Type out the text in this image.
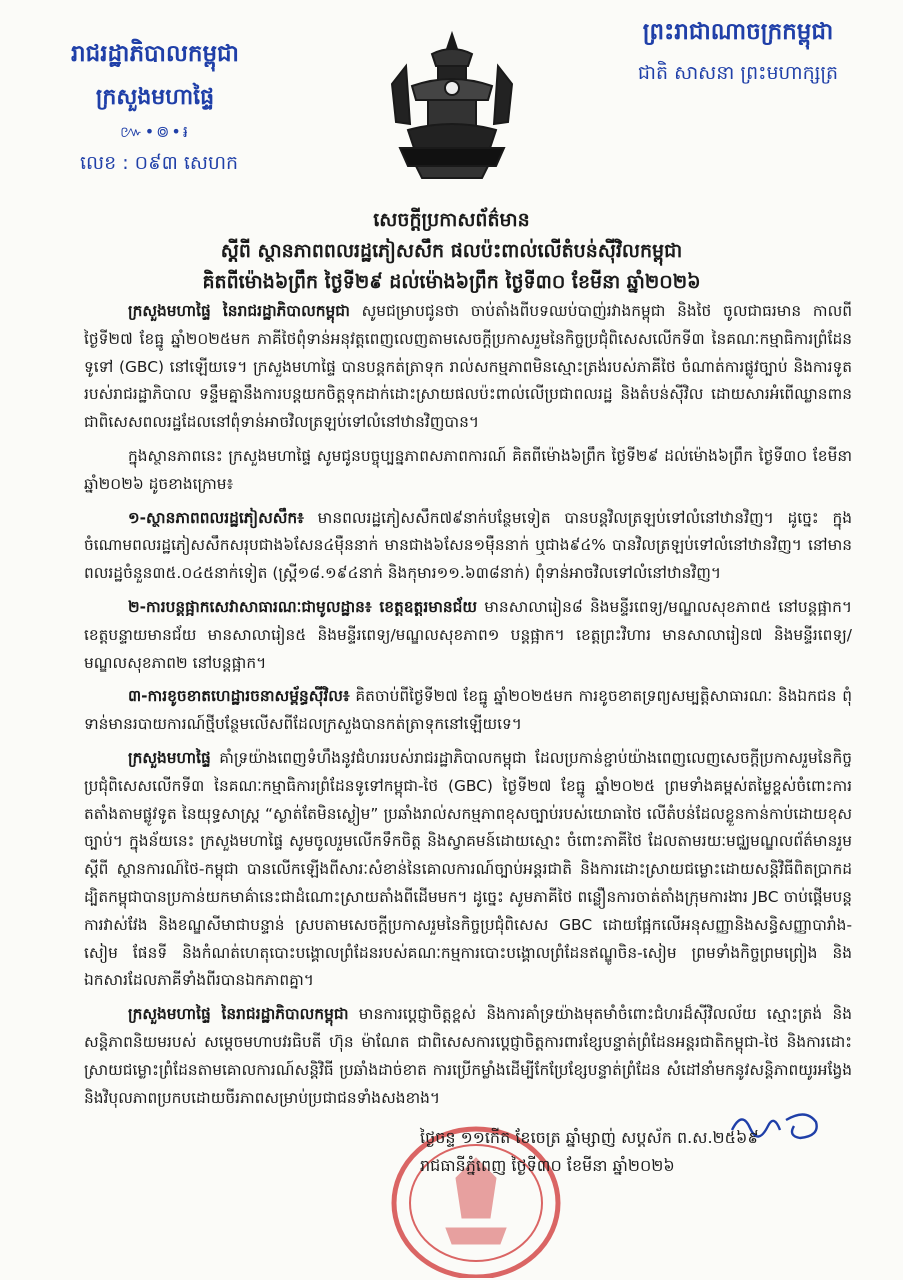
រាជរដ្ឋាភិបាលកម្ពុជា
ក្រសួងមហាផ្ទៃ
៚•៙•៛
លេខ : ០៩៣ សេហក
ព្រះរាជាណាចក្រកម្ពុជា
ជាតិ សាសនា ព្រះមហាក្សត្រ
សេចក្តីប្រកាសព័ត៌មាន
ស្តីពី ស្ថានភាពពលរដ្ឋភៀសសឹក ផលប៉ះពាល់លើតំបន់ស៊ីវិលកម្ពុជា
គិតពីម៉ោង៦ព្រឹក ថ្ងៃទី២៩ ដល់ម៉ោង៦ព្រឹក ថ្ងៃទី៣០ ខែមីនា ឆ្នាំ២០២៦

ក្រសួងមហាផ្ទៃ នៃរាជរដ្ឋាភិបាលកម្ពុជា សូមជម្រាបជូនថា ចាប់តាំងពីបទឈប់បាញ់រវាងកម្ពុជា និងថៃ ចូលជាធរមាន កាលពីថ្ងៃទី២៧ ខែធ្នូ ឆ្នាំ២០២៥មក ភាគីថៃពុំទាន់អនុវត្តពេញលេញតាមសេចក្តីប្រកាសរួមនៃកិច្ចប្រជុំពិសេសលើកទី៣ នៃគណៈកម្មាធិការព្រំដែនទូទៅ (GBC) នៅឡើយទេ។ ក្រសួងមហាផ្ទៃ បានបន្តកត់ត្រាទុក រាល់សកម្មភាពមិនស្មោះត្រង់របស់ភាគីថៃ ចំណាត់ការផ្លូវច្បាប់ និងការទូតរបស់រាជរដ្ឋាភិបាល ទន្ទឹមគ្នានឹងការបន្តយកចិត្តទុកដាក់ដោះស្រាយផលប៉ះពាល់លើប្រជាពលរដ្ឋ និងតំបន់ស៊ីវិល ដោយសារអំពើឈ្លានពាន ជាពិសេសពលរដ្ឋដែលនៅពុំទាន់អាចវិលត្រឡប់ទៅលំនៅឋានវិញបាន។

ក្នុងស្ថានភាពនេះ ក្រសួងមហាផ្ទៃ សូមជូនបច្ចុប្បន្នភាពសភាពការណ៍ គិតពីម៉ោង៦ព្រឹក ថ្ងៃទី២៩ ដល់ម៉ោង៦ព្រឹក ថ្ងៃទី៣០ ខែមីនា ឆ្នាំ២០២៦ ដូចខាងក្រោម៖

១-ស្ថានភាពពលរដ្ឋភៀសសឹក៖ មានពលរដ្ឋភៀសសឹក៧៩នាក់បន្ថែមទៀត បានបន្តវិលត្រឡប់ទៅលំនៅឋានវិញ។ ដូច្នេះ ក្នុងចំណោមពលរដ្ឋភៀសសឹកសរុបជាង៦សែន៤ម៉ឺននាក់ មានជាង៦សែន១ម៉ឺននាក់ ឬជាង៩៤% បានវិលត្រឡប់ទៅលំនៅឋានវិញ។ នៅមានពលរដ្ឋចំនួន៣៥.០៤៥នាក់ទៀត (ស្ត្រី១៨.១៩៤នាក់ និងកុមារ១១.៦៣៨នាក់) ពុំទាន់អាចវិលទៅលំនៅឋានវិញ។

២-ការបន្តផ្អាកសេវាសាធារណៈជាមូលដ្ឋាន៖ ខេត្តឧត្តរមានជ័យ មានសាលារៀន៨ និងមន្ទីរពេទ្យ/មណ្ឌលសុខភាព៥ នៅបន្តផ្អាក។ ខេត្តបន្ទាយមានជ័យ មានសាលារៀន៥ និងមន្ទីរពេទ្យ/មណ្ឌលសុខភាព១ បន្តផ្អាក។ ខេត្តព្រះវិហារ មានសាលារៀន៧ និងមន្ទីរពេទ្យ/មណ្ឌលសុខភាព២ នៅបន្តផ្អាក។

៣-ការខូចខាតហេដ្ឋារចនាសម្ព័ន្ធស៊ីវិល៖ គិតចាប់ពីថ្ងៃទី២៧ ខែធ្នូ ឆ្នាំ២០២៥មក ការខូចខាតទ្រព្យសម្បត្តិសាធារណៈ និងឯកជន ពុំទាន់មានរបាយការណ៍ថ្មីបន្ថែមលើសពីដែលក្រសួងបានកត់ត្រាទុកនៅឡើយទេ។

ក្រសួងមហាផ្ទៃ គាំទ្រយ៉ាងពេញទំហឹងនូវជំហររបស់រាជរដ្ឋាភិបាលកម្ពុជា ដែលប្រកាន់ខ្ជាប់យ៉ាងពេញលេញសេចក្តីប្រកាសរួមនៃកិច្ចប្រជុំពិសេសលើកទី៣ នៃគណៈកម្មាធិការព្រំដែនទូទៅកម្ពុជា-ថៃ (GBC) ថ្ងៃទី២៧ ខែធ្នូ ឆ្នាំ២០២៥ ព្រមទាំងគម្ពស់តម្លៃខ្ពស់ចំពោះការតតាំងតាមផ្លូវទូត នៃយុទ្ធសាស្ត្រ “ស្ងាត់តែមិនស្ងៀម” ប្រឆាំងរាល់សកម្មភាពខុសច្បាប់របស់យោធាថៃ លើតំបន់ដែលខ្លួនកាន់កាប់ដោយខុសច្បាប់។ ក្នុងន័យនេះ ក្រសួងមហាផ្ទៃ សូមចូលរួមលើកទឹកចិត្ត និងស្វាគមន៍ដោយស្មោះ ចំពោះភាគីថៃ ដែលតាមរយៈមជ្ឈមណ្ឌលព័ត៌មានរួម ស្តីពី ស្ថានការណ៍ថៃ-កម្ពុជា បានលើកឡើងពីសារៈសំខាន់នៃគោលការណ៍ច្បាប់អន្តរជាតិ និងការដោះស្រាយជម្លោះដោយសន្តិវិធីពិតប្រាកដ ដ្បិតកម្ពុជាបានប្រកាន់យកមាគ៌ានេះជាដំណោះស្រាយតាំងពីដើមមក។ ដូច្នេះ សូមភាគីថៃ ពន្លឿនការចាត់តាំងក្រុមការងារ JBC ចាប់ផ្តើមបន្តការវាស់វែង និងខណ្ឌសីមាជាបន្ទាន់ ស្របតាមសេចក្តីប្រកាសរួមនៃកិច្ចប្រជុំពិសេស GBC ដោយផ្អែកលើអនុសញ្ញានិងសន្ធិសញ្ញាបារាំង-សៀម ផែនទី និងកំណត់ហេតុបោះបង្គោលព្រំដែនរបស់គណៈកម្មការបោះបង្គោលព្រំដែនឥណ្ឌូចិន-សៀម ព្រមទាំងកិច្ចព្រមព្រៀង និងឯកសារដែលភាគីទាំងពីរបានឯកភាពគ្នា។

ក្រសួងមហាផ្ទៃ នៃរាជរដ្ឋាភិបាលកម្ពុជា មានការប្តេជ្ញាចិត្តខ្ពស់ និងការគាំទ្រយ៉ាងមុតមាំចំពោះជំហរដ៏ស៊ីវិលល័យ ស្មោះត្រង់ និងសន្តិភាពនិយមរបស់ សម្តេចមហាបវរធិបតី ហ៊ុន ម៉ាណែត ជាពិសេសការប្តេជ្ញាចិត្តការពារខ្សែបន្ទាត់ព្រំដែនអន្តរជាតិកម្ពុជា-ថៃ និងការដោះស្រាយជម្លោះព្រំដែនតាមគោលការណ៍សន្តិវិធី ប្រឆាំងដាច់ខាត ការប្រើកម្លាំងដើម្បីកែប្រែខ្សែបន្ទាត់ព្រំដែន សំដៅនាំមកនូវសន្តិភាពយូរអង្វែង និងវិបុលភាពប្រកបដោយចីរភាពសម្រាប់ប្រជាជនទាំងសងខាង។

ថ្ងៃចន្ទ ១១កើត ខែចេត្រ ឆ្នាំម្សាញ់ សប្តស័ក ព.ស.២៥៦៩
រាជធានីភ្នំពេញ ថ្ងៃទី៣០ ខែមីនា ឆ្នាំ២០២៦
